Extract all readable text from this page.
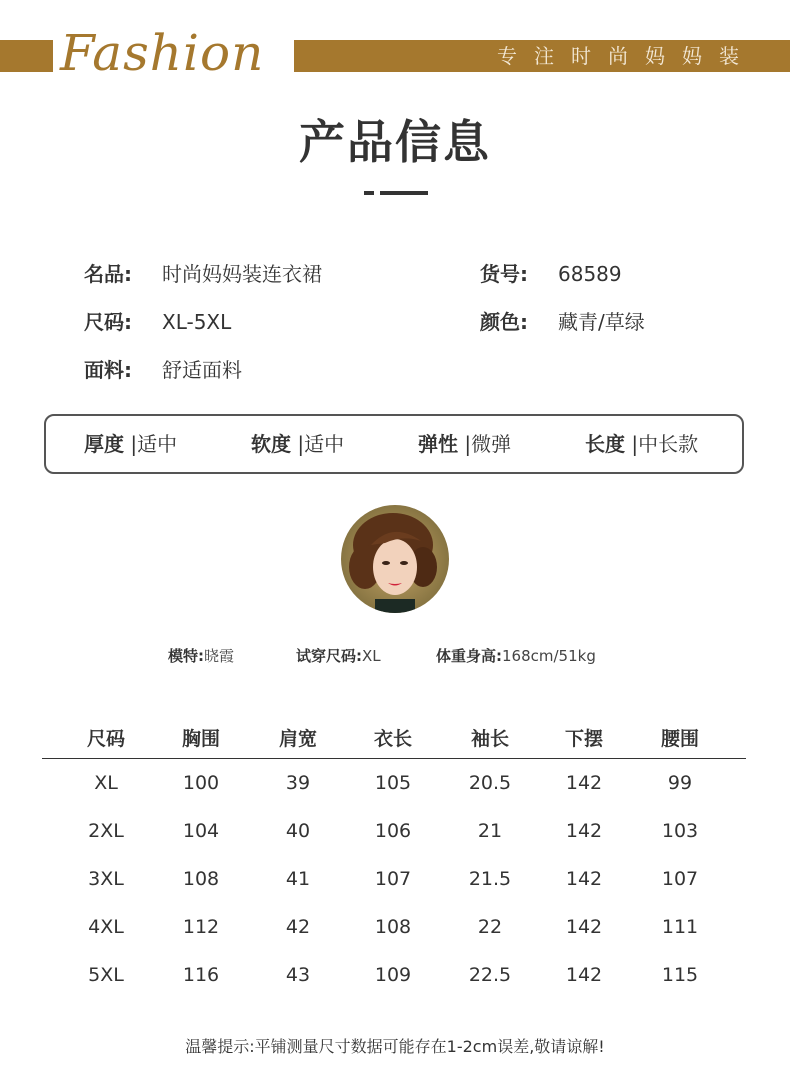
Fashion	专注时尚妈妈装
产品信息
名品: 时尚妈妈装连衣裙	货号: 68589
尺码: XL-5XL	颜色: 藏青/草绿
面料: 舒适面料
厚度 |适中	软度 |适中	弹性 |微弹	长度 |中长款
模特:晓霞	试穿尺码:XL	体重身高:168cm/51kg
尺码	胸围	肩宽	衣长	袖长	下摆	腰围
XL	100	39	105	20.5	142	99
2XL	104	40	106	21	142	103
3XL	108	41	107	21.5	142	107
4XL	112	42	108	22	142	111
5XL	116	43	109	22.5	142	115
温馨提示:平铺测量尺寸数据可能存在1-2cm误差,敬请谅解!
